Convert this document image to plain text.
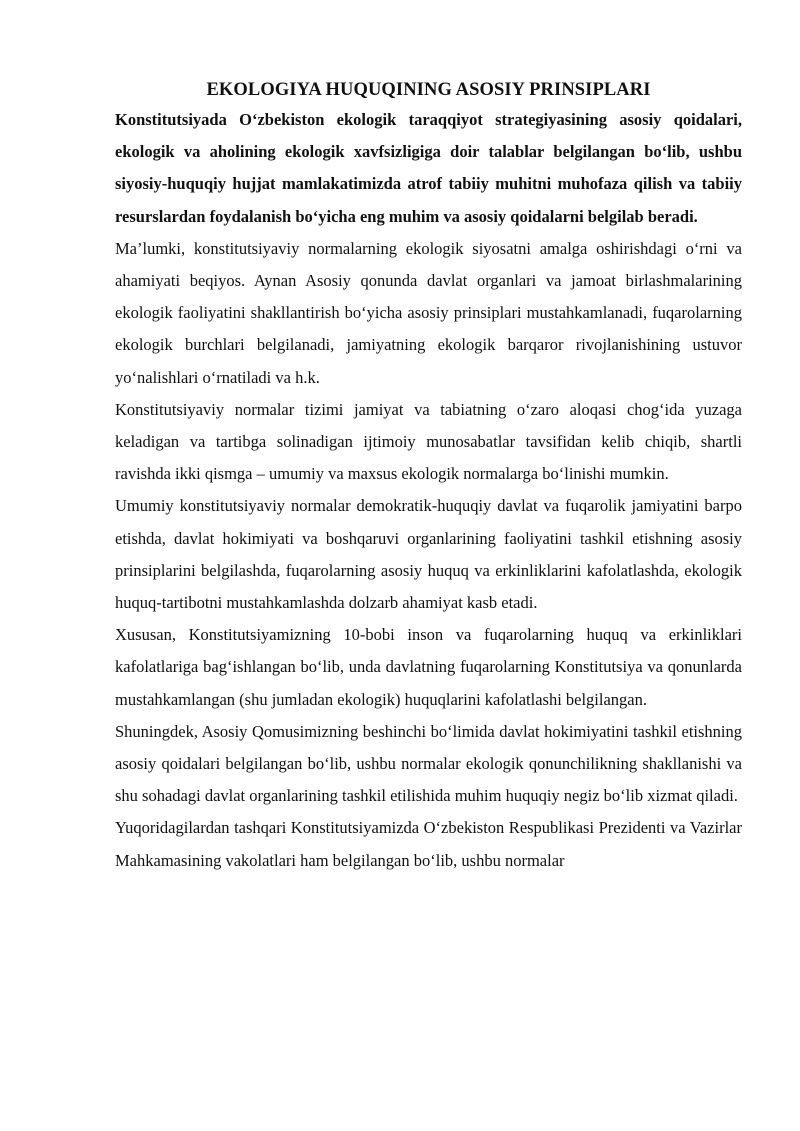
EKOLOGIYA HUQUQINING ASOSIY PRINSIPLARI

Konstitutsiyada O‘zbekiston ekologik taraqqiyot strategiyasining asosiy qoidalari, ekologik va aholining ekologik xavfsizligiga doir talablar belgilangan bo‘lib, ushbu siyosiy-huquqiy hujjat mamlakatimizda atrof tabiiy muhitni muhofaza qilish va tabiiy resurslardan foydalanish bo‘yicha eng muhim va asosiy qoidalarni belgilab beradi.

Ma’lumki, konstitutsiyaviy normalarning ekologik siyosatni amalga oshirishdagi o‘rni va ahamiyati beqiyos. Aynan Asosiy qonunda davlat organlari va jamoat birlashmalarining ekologik faoliyatini shakllantirish bo‘yicha asosiy prinsiplari mustahkamlanadi, fuqarolarning ekologik burchlari belgilanadi, jamiyatning ekologik barqaror rivojlanishining ustuvor yo‘nalishlari o‘rnatiladi va h.k.

Konstitutsiyaviy normalar tizimi jamiyat va tabiatning o‘zaro aloqasi chog‘ida yuzaga keladigan va tartibga solinadigan ijtimoiy munosabatlar tavsifidan kelib chiqib, shartli ravishda ikki qismga – umumiy va maxsus ekologik normalarga bo‘linishi mumkin.

Umumiy konstitutsiyaviy normalar demokratik-huquqiy davlat va fuqarolik jamiyatini barpo etishda, davlat hokimiyati va boshqaruvi organlarining faoliyatini tashkil etishning asosiy prinsiplarini belgilashda, fuqarolarning asosiy huquq va erkinliklarini kafolatlashda, ekologik huquq-tartibotni mustahkamlashda dolzarb ahamiyat kasb etadi.

Xususan, Konstitutsiyamizning 10-bobi inson va fuqarolarning huquq va erkinliklari kafolatlariga bag‘ishlangan bo‘lib, unda davlatning fuqarolarning Konstitutsiya va qonunlarda mustahkamlangan (shu jumladan ekologik) huquqlarini kafolatlashi belgilangan.

Shuningdek, Asosiy Qomusimizning beshinchi bo‘limida davlat hokimiyatini tashkil etishning asosiy qoidalari belgilangan bo‘lib, ushbu normalar ekologik qonunchilikning shakllanishi va shu sohadagi davlat organlarining tashkil etilishida muhim huquqiy negiz bo‘lib xizmat qiladi.

Yuqoridagilardan tashqari Konstitutsiyamizda O‘zbekiston Respublikasi Prezidenti va Vazirlar Mahkamasining vakolatlari ham belgilangan bo‘lib, ushbu normalar
